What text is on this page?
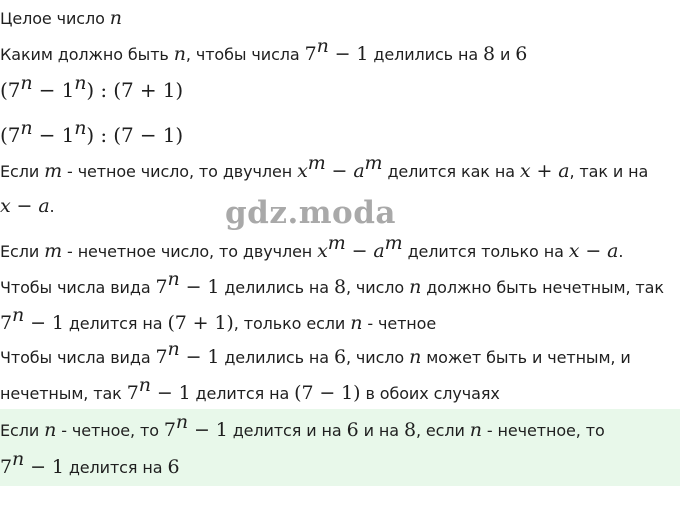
Целое число n
Каким должно быть n, чтобы числа $7^n - 1$ делились на 8 и 6
$(7^n - 1^n)$ : (7 + 1)
$(7^n - 1^n)$ : (7 − 1)
Если m - четное число, то двучлен $x^m - a^m$ делится как на x + a, так и на
x − a.	gdz.moda
Если m - нечетное число, то двучлен $x^m - a^m$ делится только на x − a.
Чтобы числа вида $7^n - 1$ делились на 8, число n должно быть нечетным, так
$7^n - 1$ делится на (7 + 1), только если n - четное
Чтобы числа вида $7^n - 1$ делились на 6, число n может быть и четным, и
нечетным, так $7^n - 1$ делится на (7 − 1) в обоих случаях
Если n - четное, то $7^n - 1$ делится и на 6 и на 8, если n - нечетное, то
$7^n - 1$ делится на 6
